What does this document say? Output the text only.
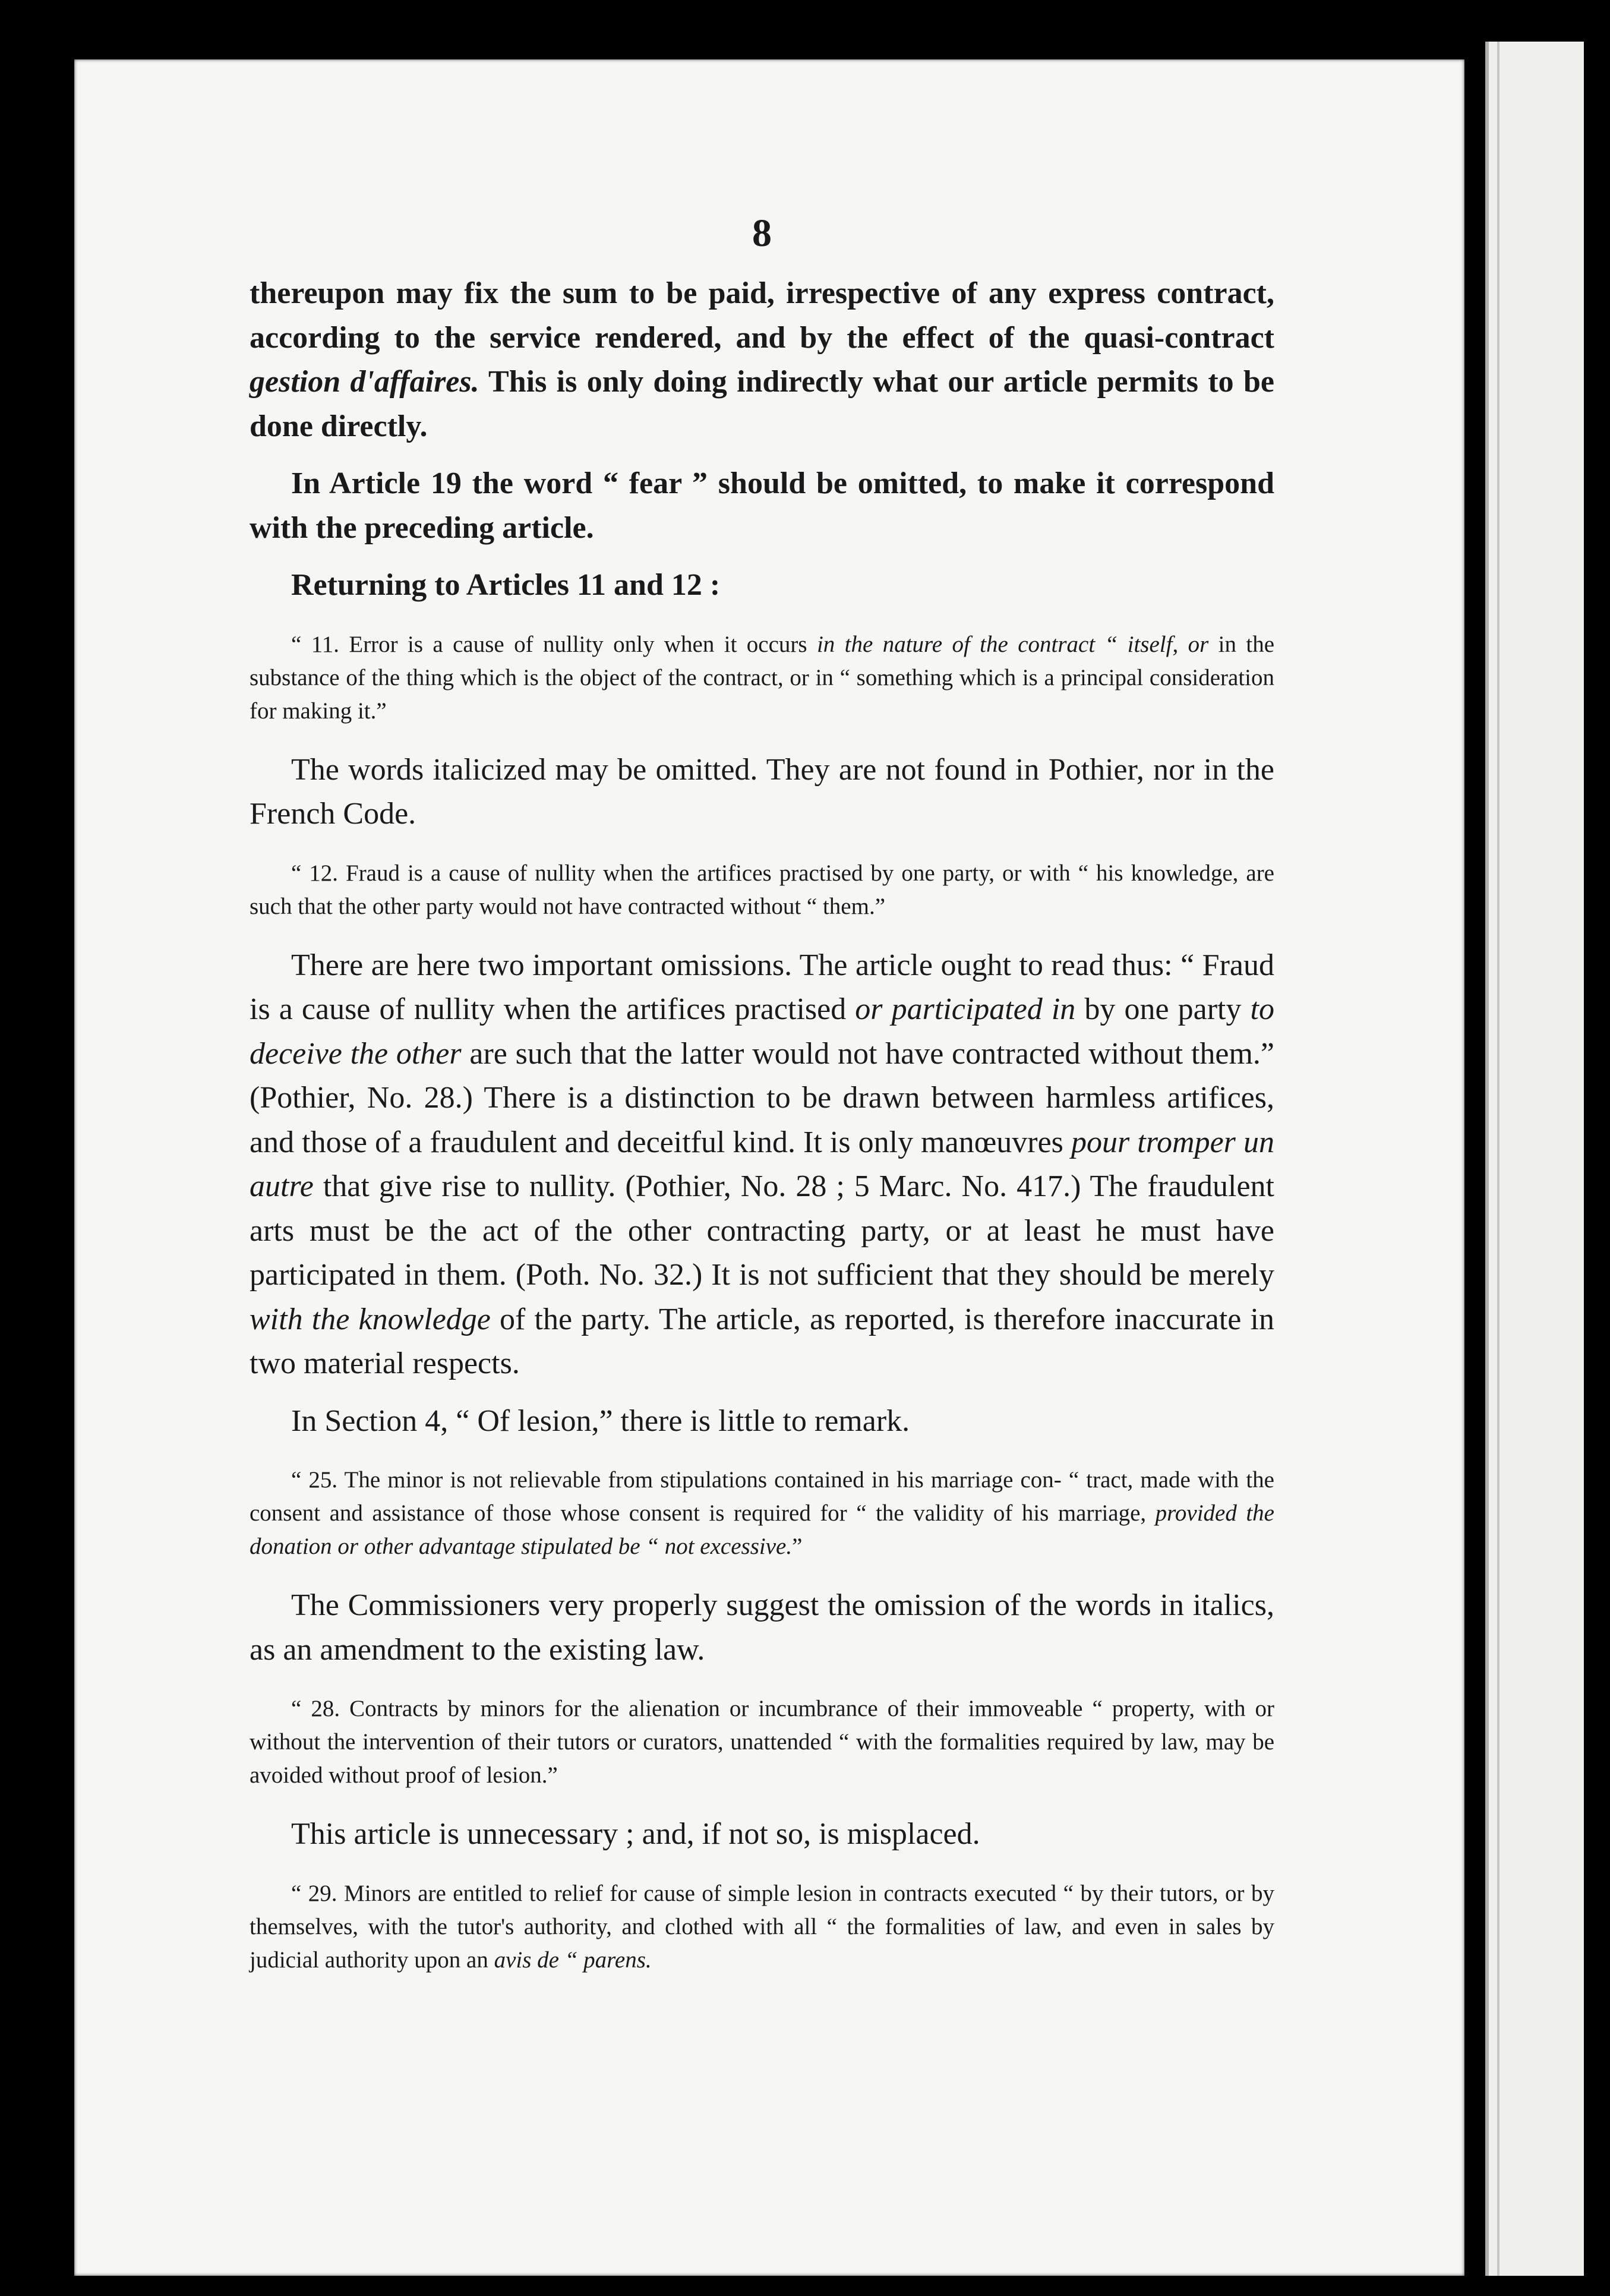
8

thereupon may fix the sum to be paid, irrespective of any express contract, according to the service rendered, and by the effect of the quasi-contract gestion d'affaires. This is only doing indirectly what our article permits to be done directly.

In Article 19 the word “ fear ” should be omitted, to make it correspond with the preceding article.

Returning to Articles 11 and 12 :

“ 11. Error is a cause of nullity only when it occurs in the nature of the contract “ itself, or in the substance of the thing which is the object of the contract, or in “ something which is a principal consideration for making it.”

The words italicized may be omitted. They are not found in Pothier, nor in the French Code.

“ 12. Fraud is a cause of nullity when the artifices practised by one party, or with “ his knowledge, are such that the other party would not have contracted without “ them.”

There are here two important omissions. The article ought to read thus: “ Fraud is a cause of nullity when the artifices practised or participated in by one party to deceive the other are such that the latter would not have contracted without them.” (Pothier, No. 28.) There is a distinction to be drawn between harmless artifices, and those of a fraudulent and deceitful kind. It is only manœuvres pour tromper un autre that give rise to nullity. (Pothier, No. 28 ; 5 Marc. No. 417.) The fraudulent arts must be the act of the other contracting party, or at least he must have participated in them. (Poth. No. 32.) It is not sufficient that they should be merely with the knowledge of the party. The article, as reported, is therefore inaccurate in two material respects.

In Section 4, “ Of lesion,” there is little to remark.

“ 25. The minor is not relievable from stipulations contained in his marriage con- “ tract, made with the consent and assistance of those whose consent is required for “ the validity of his marriage, provided the donation or other advantage stipulated be “ not excessive.”

The Commissioners very properly suggest the omission of the words in italics, as an amendment to the existing law.

“ 28. Contracts by minors for the alienation or incumbrance of their immoveable “ property, with or without the intervention of their tutors or curators, unattended “ with the formalities required by law, may be avoided without proof of lesion.”

This article is unnecessary ; and, if not so, is misplaced.

“ 29. Minors are entitled to relief for cause of simple lesion in contracts executed “ by their tutors, or by themselves, with the tutor's authority, and clothed with all “ the formalities of law, and even in sales by judicial authority upon an avis de “ parens.
